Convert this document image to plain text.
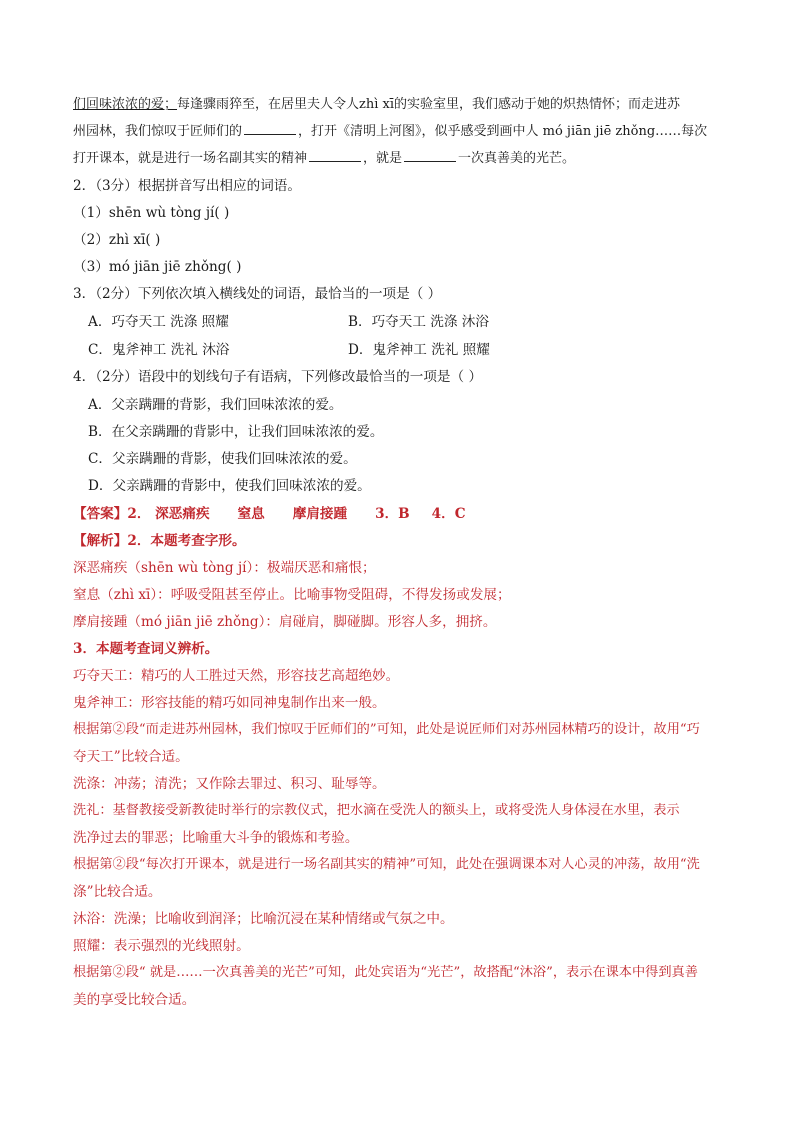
们回味浓浓的爱；每逢骤雨猝至，在居里夫人令人zhì xī的实验室里，我们感动于她的炽热情怀；而走进苏
州园林，我们惊叹于匠师们的	，打开《清明上河图》，似乎感受到画中人 mó jiān jiē zhǒng……每次
打开课本，就是进行一场名副其实的精神	，就是	一次真善美的光芒。
2．（3分）根据拼音写出相应的词语。
（1）shēn wù tòng jí( )
（2）zhì xī( )
（3）mó jiān jiē zhǒng( )
3．（2分）下列依次填入横线处的词语，最恰当的一项是（ ）
A．巧夺天工 洗涤 照耀	B．巧夺天工 洗涤 沐浴
C．鬼斧神工 洗礼 沐浴	D．鬼斧神工 洗礼 照耀
4．（2分）语段中的划线句子有语病，下列修改最恰当的一项是（ ）
A．父亲蹒跚的背影，我们回味浓浓的爱。
B．在父亲蹒跚的背影中，让我们回味浓浓的爱。
C．父亲蹒跚的背影，使我们回味浓浓的爱。
D．父亲蹒跚的背影中，使我们回味浓浓的爱。
【答案】2． 深恶痛疾 窒息 摩肩接踵 3．B 4．C
【解析】2．本题考查字形。
深恶痛疾（shēn wù tòng jí）：极端厌恶和痛恨；
窒息（zhì xī）：呼吸受阻甚至停止。比喻事物受阻碍，不得发扬或发展；
摩肩接踵（mó jiān jiē zhǒng）：肩碰肩，脚碰脚。形容人多，拥挤。
3．本题考查词义辨析。
巧夺天工：精巧的人工胜过天然，形容技艺高超绝妙。
鬼斧神工：形容技能的精巧如同神鬼制作出来一般。
根据第②段“而走进苏州园林，我们惊叹于匠师们的”可知，此处是说匠师们对苏州园林精巧的设计，故用“巧
夺天工”比较合适。
洗涤：冲荡；清洗；又作除去罪过、积习、耻辱等。
洗礼：基督教接受新教徒时举行的宗教仪式，把水滴在受洗人的额头上，或将受洗人身体浸在水里，表示
洗净过去的罪恶；比喻重大斗争的锻炼和考验。
根据第②段“每次打开课本，就是进行一场名副其实的精神”可知，此处在强调课本对人心灵的冲荡，故用“洗
涤”比较合适。
沐浴：洗澡；比喻收到润泽；比喻沉浸在某种情绪或气氛之中。
照耀：表示强烈的光线照射。
根据第②段“ 就是……一次真善美的光芒”可知，此处宾语为“光芒”，故搭配“沐浴”，表示在课本中得到真善
美的享受比较合适。
